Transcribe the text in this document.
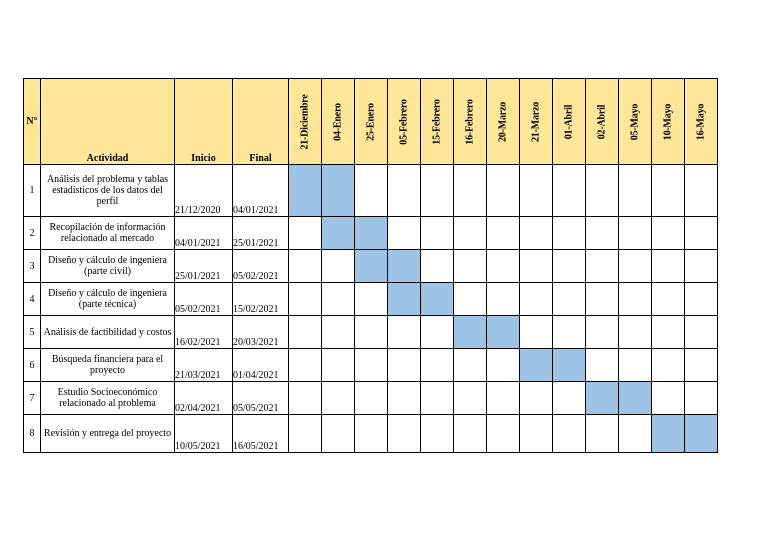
N°	Actividad	Inicio	Final	21-Diciembre	04-Enero	25-Enero	05-Febrero	15-Febrero	16-Febrero	20-Marzo	21-Marzo	01-Abril	02-Abril	05-Mayo	10-Mayo	16-Mayo

1	Análisis del problema y tablas estadísticos de los datos del perfil	21/12/2020	04/01/2021													
2	Recopilación de información relacionado al mercado	04/01/2021	25/01/2021													
3	Diseño y cálculo de ingeniera (parte civil)	25/01/2021	05/02/2021													
4	Diseño y cálculo de ingeniera (parte técnica)	05/02/2021	15/02/2021													
5	Análisis de factibilidad y costos	16/02/2021	20/03/2021													
6	Búsqueda financiera para el proyecto	21/03/2021	01/04/2021													
7	Estudio Socioeconómico relacionado al problema	02/04/2021	05/05/2021													
8	Revisión y entrega del proyecto	10/05/2021	16/05/2021													
